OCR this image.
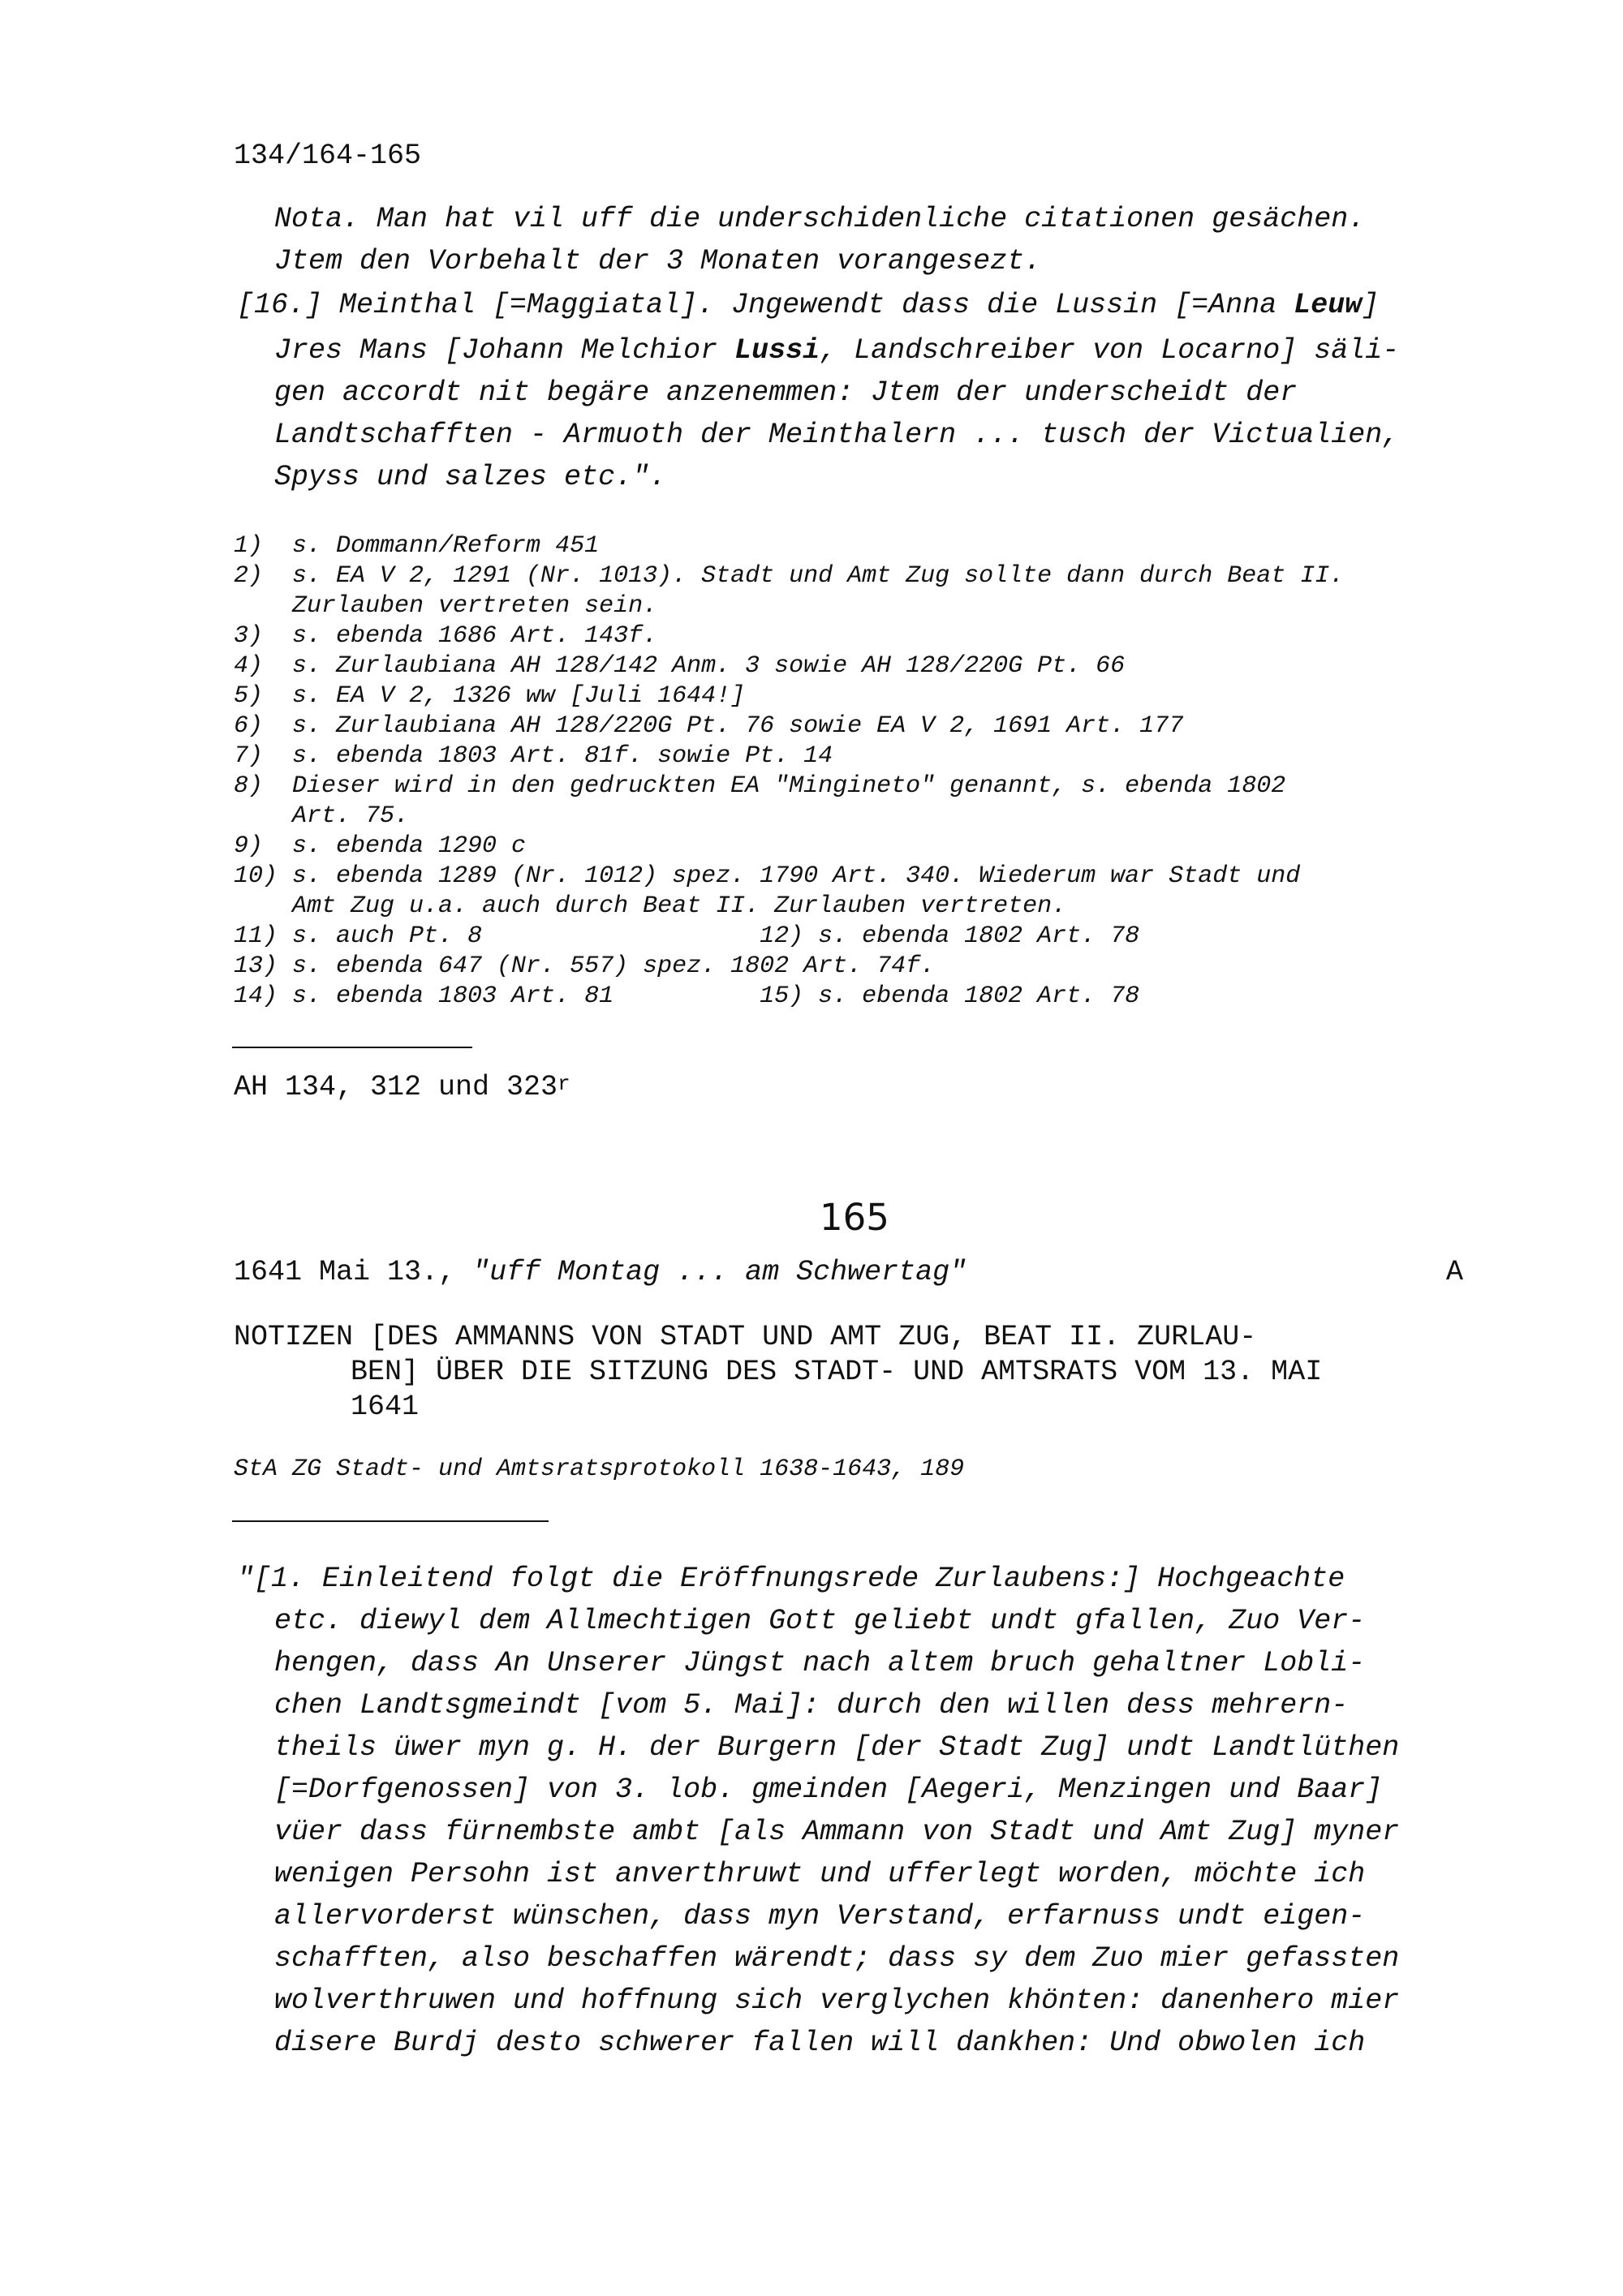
134/164-165
Nota. Man hat vil uff die underschidenliche citationen gesächen.
Jtem den Vorbehalt der 3 Monaten vorangesezt.
[16.] Meinthal [=Maggiatal]. Jngewendt dass die Lussin [=Anna Leuw]
Jres Mans [Johann Melchior Lussi, Landschreiber von Locarno] säli-
gen accordt nit begäre anzenemmen: Jtem der underscheidt der
Landtschafften - Armuoth der Meinthalern ... tusch der Victualien,
Spyss und salzes etc.".
1)  s. Dommann/Reform 451
2)  s. EA V 2, 1291 (Nr. 1013). Stadt und Amt Zug sollte dann durch Beat II.
Zurlauben vertreten sein.
3)  s. ebenda 1686 Art. 143f.
4)  s. Zurlaubiana AH 128/142 Anm. 3 sowie AH 128/220G Pt. 66
5)  s. EA V 2, 1326 ww [Juli 1644!]
6)  s. Zurlaubiana AH 128/220G Pt. 76 sowie EA V 2, 1691 Art. 177
7)  s. ebenda 1803 Art. 81f. sowie Pt. 14
8)  Dieser wird in den gedruckten EA "Mingineto" genannt, s. ebenda 1802
Art. 75.
9)  s. ebenda 1290 c
10) s. ebenda 1289 (Nr. 1012) spez. 1790 Art. 340. Wiederum war Stadt und
Amt Zug u.a. auch durch Beat II. Zurlauben vertreten.
11) s. auch Pt. 8                   12) s. ebenda 1802 Art. 78
13) s. ebenda 647 (Nr. 557) spez. 1802 Art. 74f.
14) s. ebenda 1803 Art. 81          15) s. ebenda 1802 Art. 78
AH 134, 312 und 323$^r$
165
1641 Mai 13., "uff Montag ... am Schwertag"	A
NOTIZEN [DES AMMANNS VON STADT UND AMT ZUG, BEAT II. ZURLAU-
BEN] ÜBER DIE SITZUNG DES STADT- UND AMTSRATS VOM 13. MAI
1641
StA ZG Stadt- und Amtsratsprotokoll 1638-1643, 189
"[1. Einleitend folgt die Eröffnungsrede Zurlaubens:] Hochgeachte
etc. diewyl dem Allmechtigen Gott geliebt undt gfallen, Zuo Ver-
hengen, dass An Unserer Jüngst nach altem bruch gehaltner Lobli-
chen Landtsgmeindt [vom 5. Mai]: durch den willen dess mehrern-
theils üwer myn g. H. der Burgern [der Stadt Zug] undt Landtlüthen
[=Dorfgenossen] von 3. lob. gmeinden [Aegeri, Menzingen und Baar]
vüer dass fürnembste ambt [als Ammann von Stadt und Amt Zug] myner
wenigen Persohn ist anverthruwt und ufferlegt worden, möchte ich
allervorderst wünschen, dass myn Verstand, erfarnuss undt eigen-
schafften, also beschaffen wärendt; dass sy dem Zuo mier gefassten
wolverthruwen und hoffnung sich verglychen khönten: danenhero mier
disere Burdj desto schwerer fallen will dankhen: Und obwolen ich
